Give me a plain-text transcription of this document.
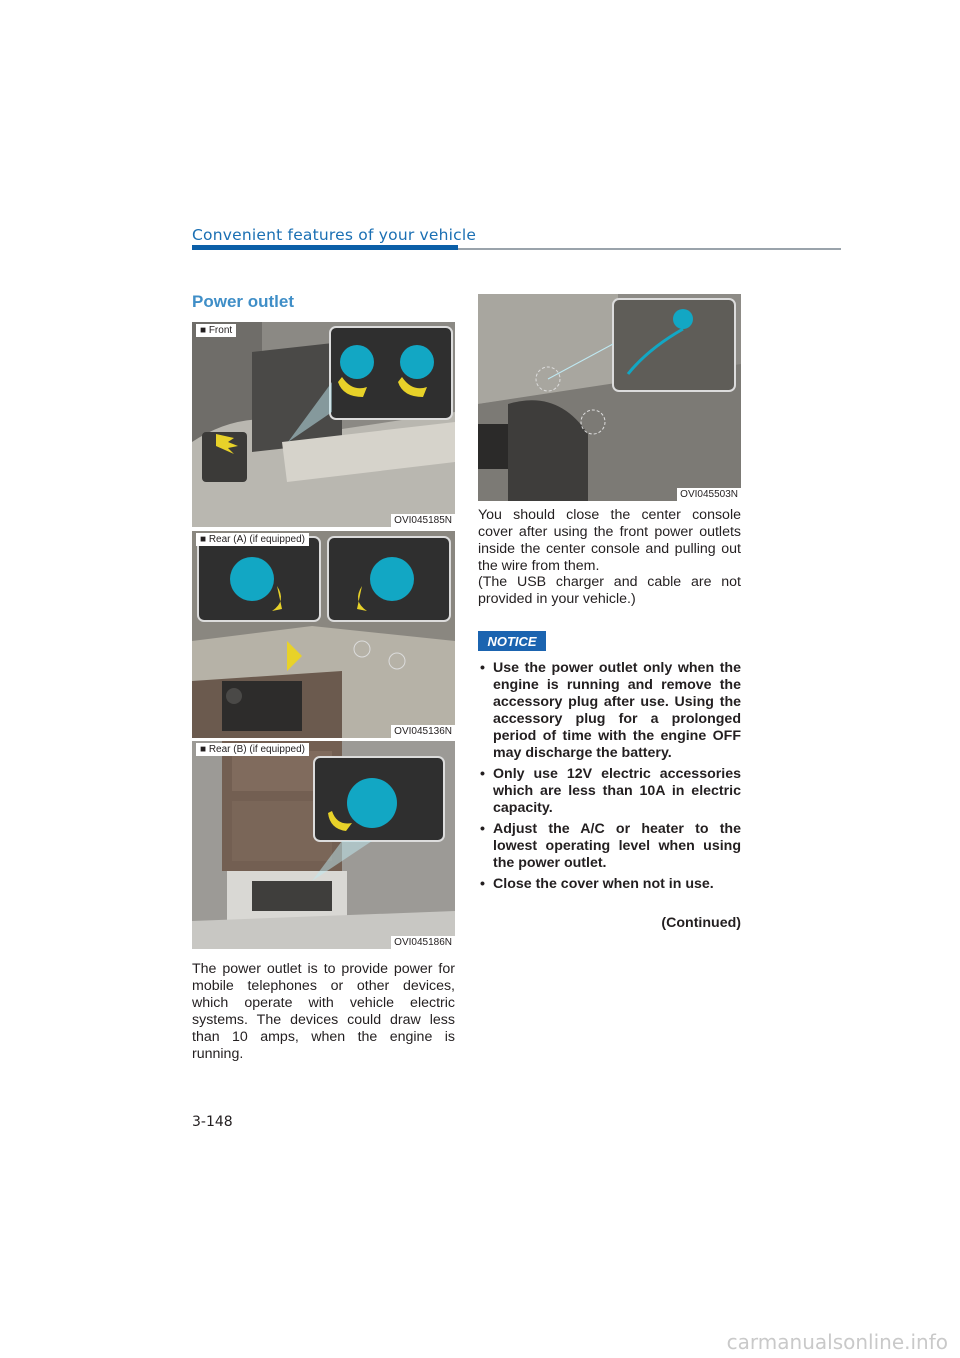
Convenient features of your vehicle
Power outlet
■ Front
OVI045185N
■ Rear (A) (if equipped)
OVI045136N
■ Rear (B) (if equipped)
OVI045186N
OVI045503N
The power outlet is to provide power for mobile telephones or other devices, which operate with vehicle electric systems. The devices could draw less than 10 amps, when the engine is running.
You should close the center console cover after using the front power outlets inside the center console and pulling out the wire from them.
(The USB charger and cable are not provided in your vehicle.)
NOTICE
• Use the power outlet only when the engine is running and remove the accessory plug after use. Using the accessory plug for a prolonged period of time with the engine OFF may discharge the battery.
• Only use 12V electric accessories which are less than 10A in electric capacity.
• Adjust the A/C or heater to the lowest operating level when using the power outlet.
• Close the cover when not in use.
(Continued)
3-148
carmanualsonline.info
